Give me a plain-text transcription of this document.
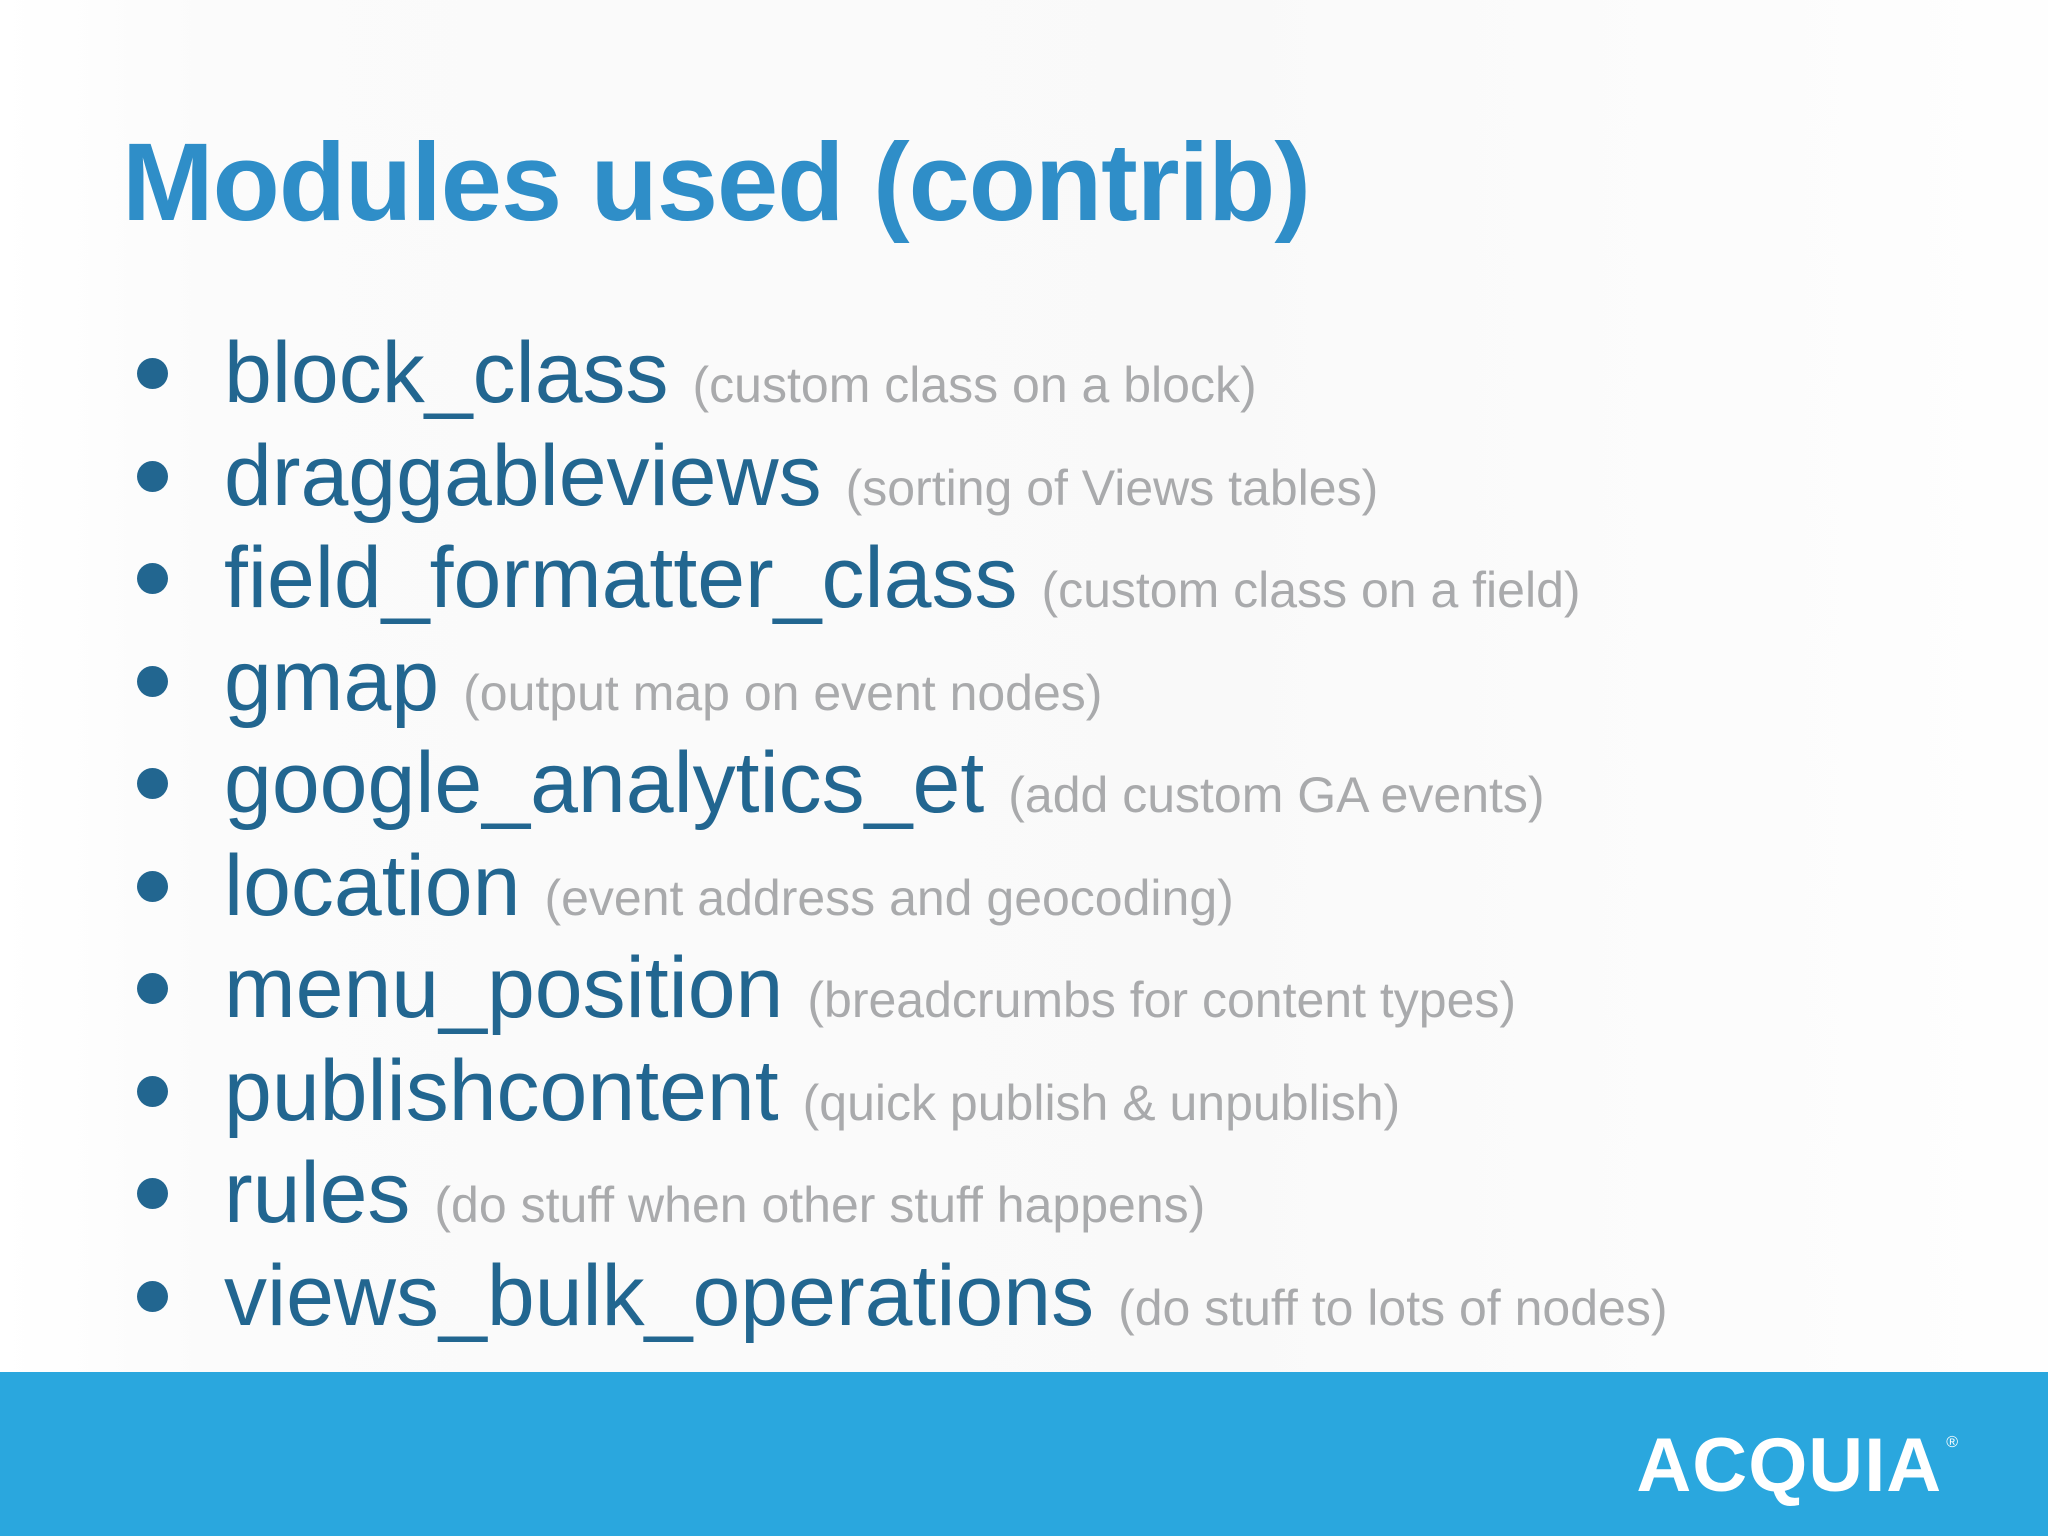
Modules used (contrib)
block_class (custom class on a block)
draggableviews (sorting of Views tables)
field_formatter_class (custom class on a field)
gmap (output map on event nodes)
google_analytics_et (add custom GA events)
location (event address and geocoding)
menu_position (breadcrumbs for content types)
publishcontent (quick publish & unpublish)
rules (do stuff when other stuff happens)
views_bulk_operations (do stuff to lots of nodes)
ACQUIA ®
